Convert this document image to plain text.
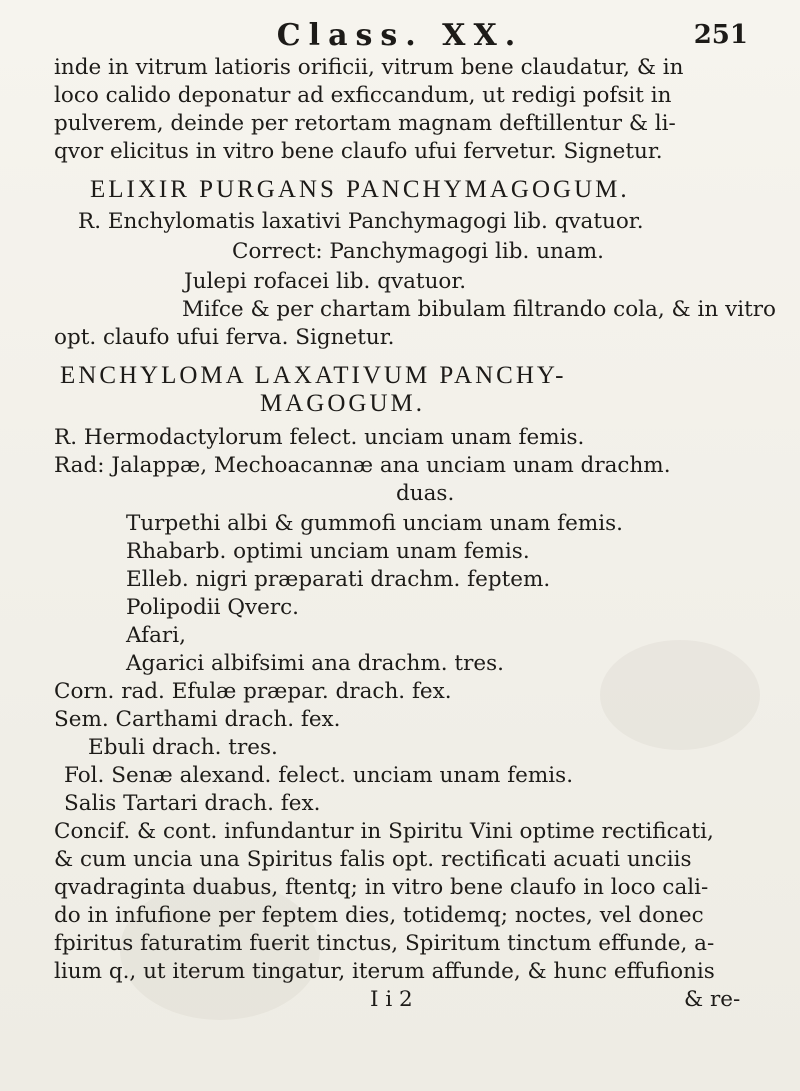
Class. XX.	251
inde in vitrum latioris orificii, vitrum bene claudatur, & in
loco calido deponatur ad exficcandum, ut redigi pofsit in
pulverem, deinde per retortam magnam deftillentur & li-
qvor elicitus in vitro bene claufo ufui fervetur. Signetur.
ELIXIR PURGANS PANCHYMAGOGUM.
R. Enchylomatis laxativi Panchymagogi lib. qvatuor.
Correct: Panchymagogi lib. unam.
Julepi rofacei lib. qvatuor.
Mifce & per chartam bibulam filtrando cola, & in vitro
opt. claufo ufui ferva. Signetur.
ENCHYLOMA LAXATIVUM PANCHY-
MAGOGUM.
R. Hermodactylorum felect. unciam unam femis.
Rad: Jalappæ, Mechoacannæ ana unciam unam drachm.
duas.
Turpethi albi & gummofi unciam unam femis.
Rhabarb. optimi unciam unam femis.
Elleb. nigri præparati drachm. feptem.
Polipodii Qverc.
Afari,
Agarici albifsimi ana drachm. tres.
Corn. rad. Efulæ præpar. drach. fex.
Sem. Carthami drach. fex.
Ebuli drach. tres.
Fol. Senæ alexand. felect. unciam unam femis.
Salis Tartari drach. fex.
Concif. & cont. infundantur in Spiritu Vini optime rectificati,
& cum uncia una Spiritus falis opt. rectificati acuati unciis
qvadraginta duabus, ftentq; in vitro bene claufo in loco cali-
do in infufione per feptem dies, totidemq; noctes, vel donec
fpiritus faturatim fuerit tinctus, Spiritum tinctum effunde, a-
lium q., ut iterum tingatur, iterum affunde, & hunc effufionis
I i 2	& re-
